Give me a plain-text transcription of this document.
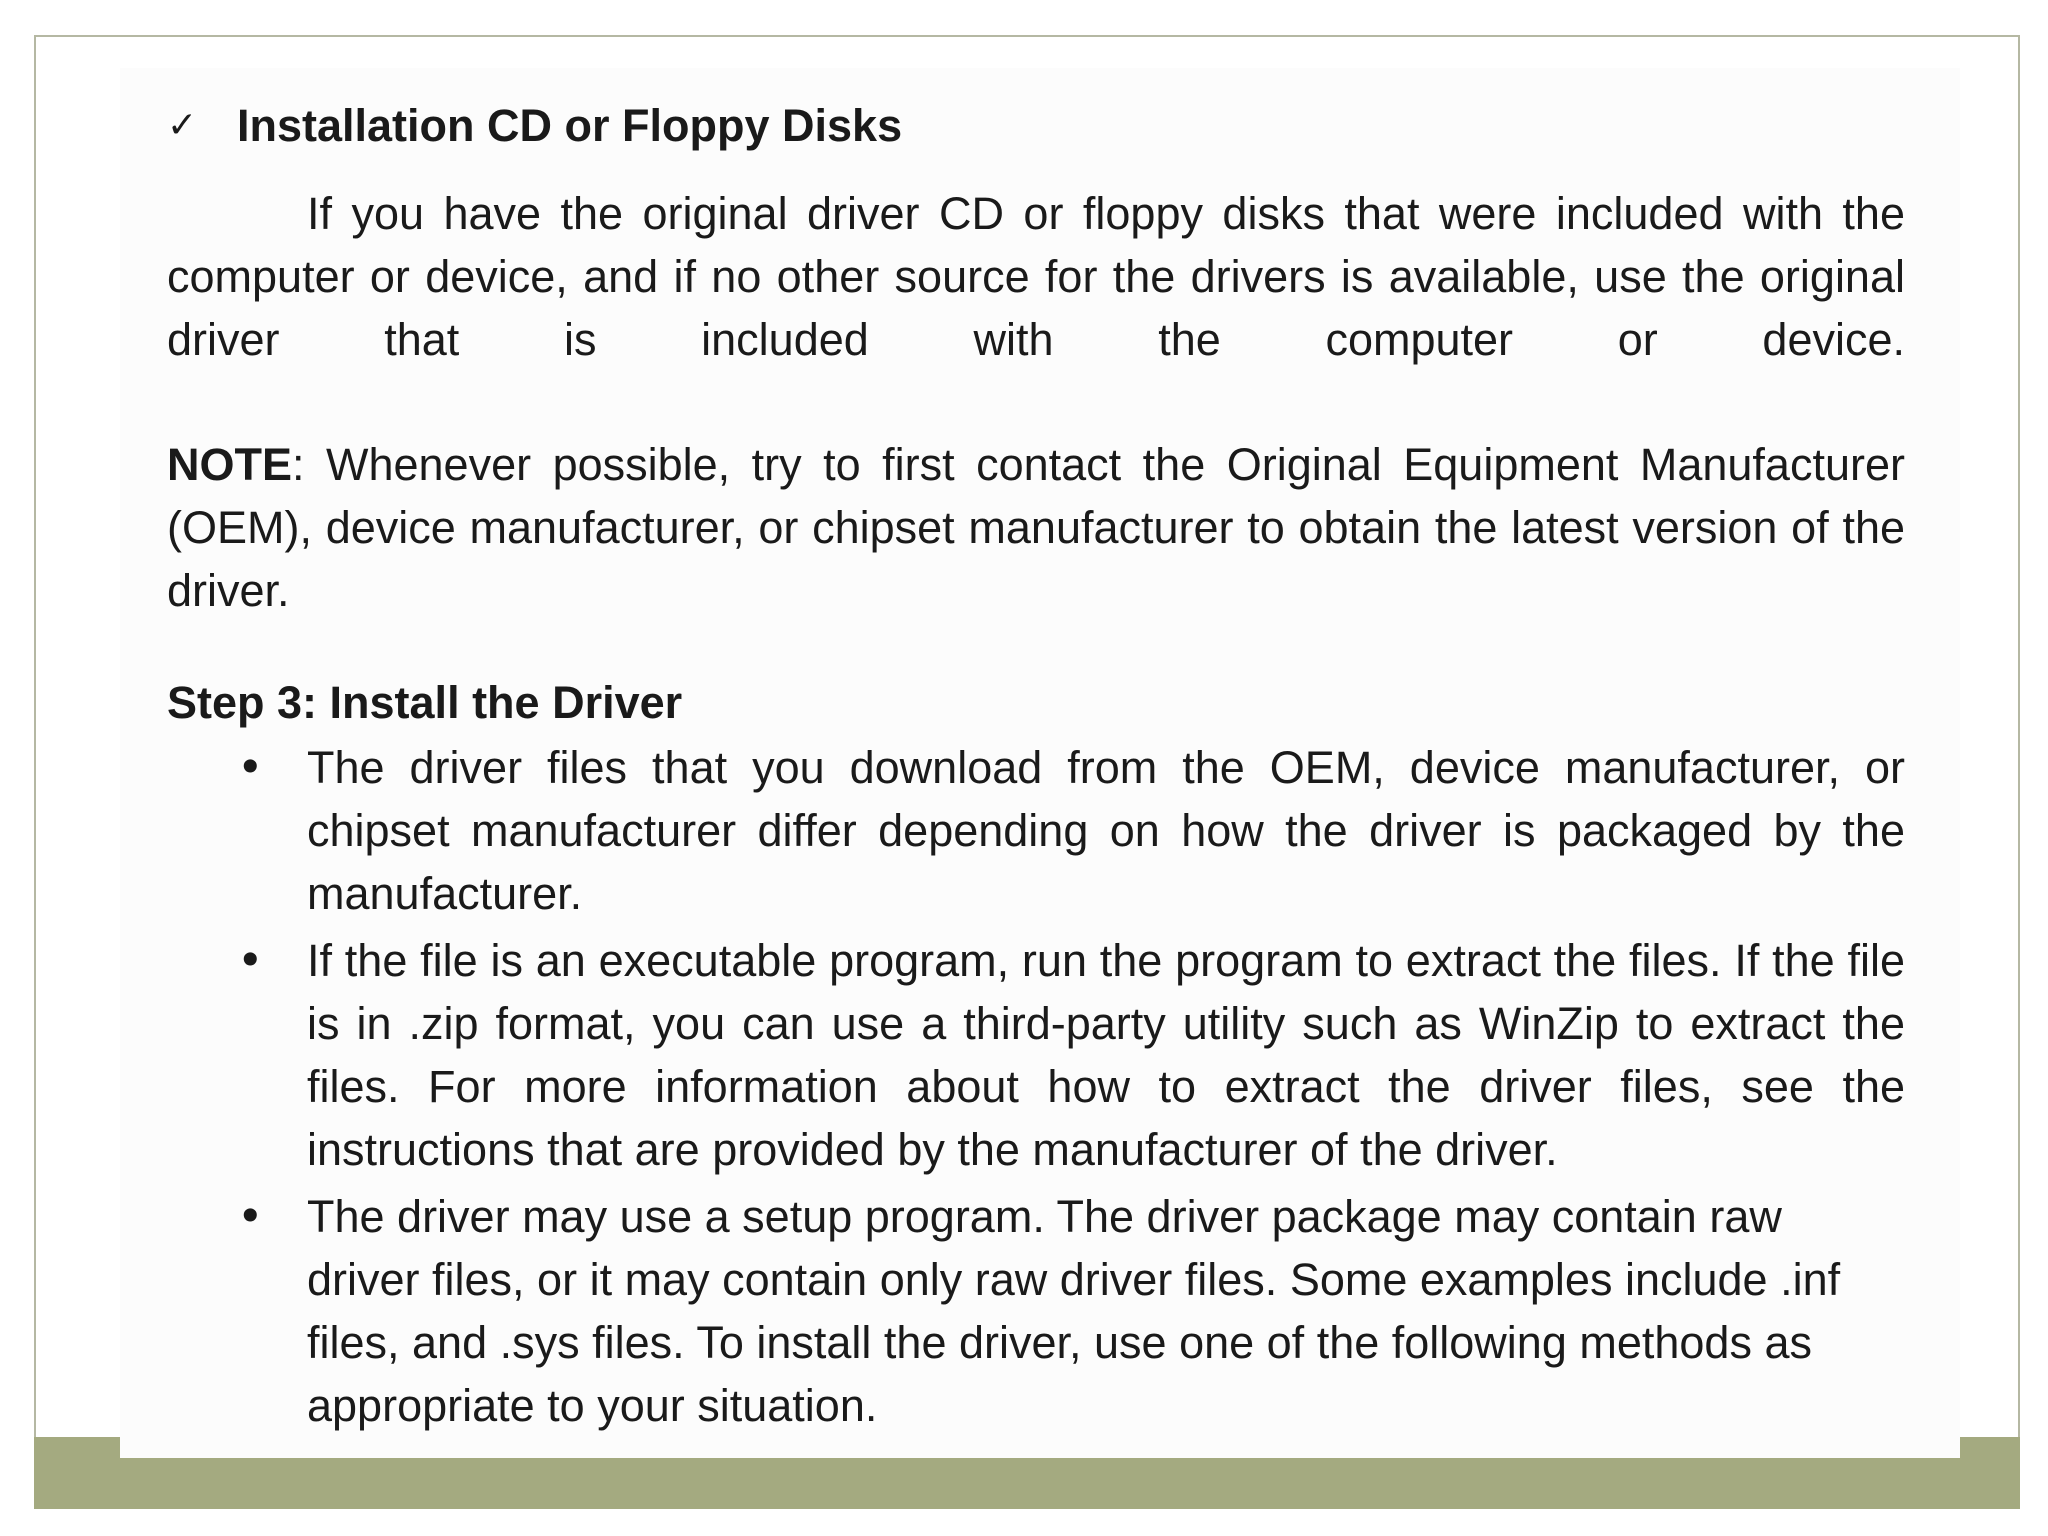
✓ Installation CD or Floppy Disks

If you have the original driver CD or floppy disks that were included with the computer or device, and if no other source for the drivers is available, use the original driver that is included with the computer or device.

NOTE: Whenever possible, try to first contact the Original Equipment Manufacturer (OEM), device manufacturer, or chipset manufacturer to obtain the latest version of the driver.

Step 3: Install the Driver
• The driver files that you download from the OEM, device manufacturer, or chipset manufacturer differ depending on how the driver is packaged by the manufacturer.
• If the file is an executable program, run the program to extract the files. If the file is in .zip format, you can use a third-party utility such as WinZip to extract the files. For more information about how to extract the driver files, see the instructions that are provided by the manufacturer of the driver.
• The driver may use a setup program. The driver package may contain raw driver files, or it may contain only raw driver files. Some examples include .inf files, and .sys files. To install the driver, use one of the following methods as appropriate to your situation.
